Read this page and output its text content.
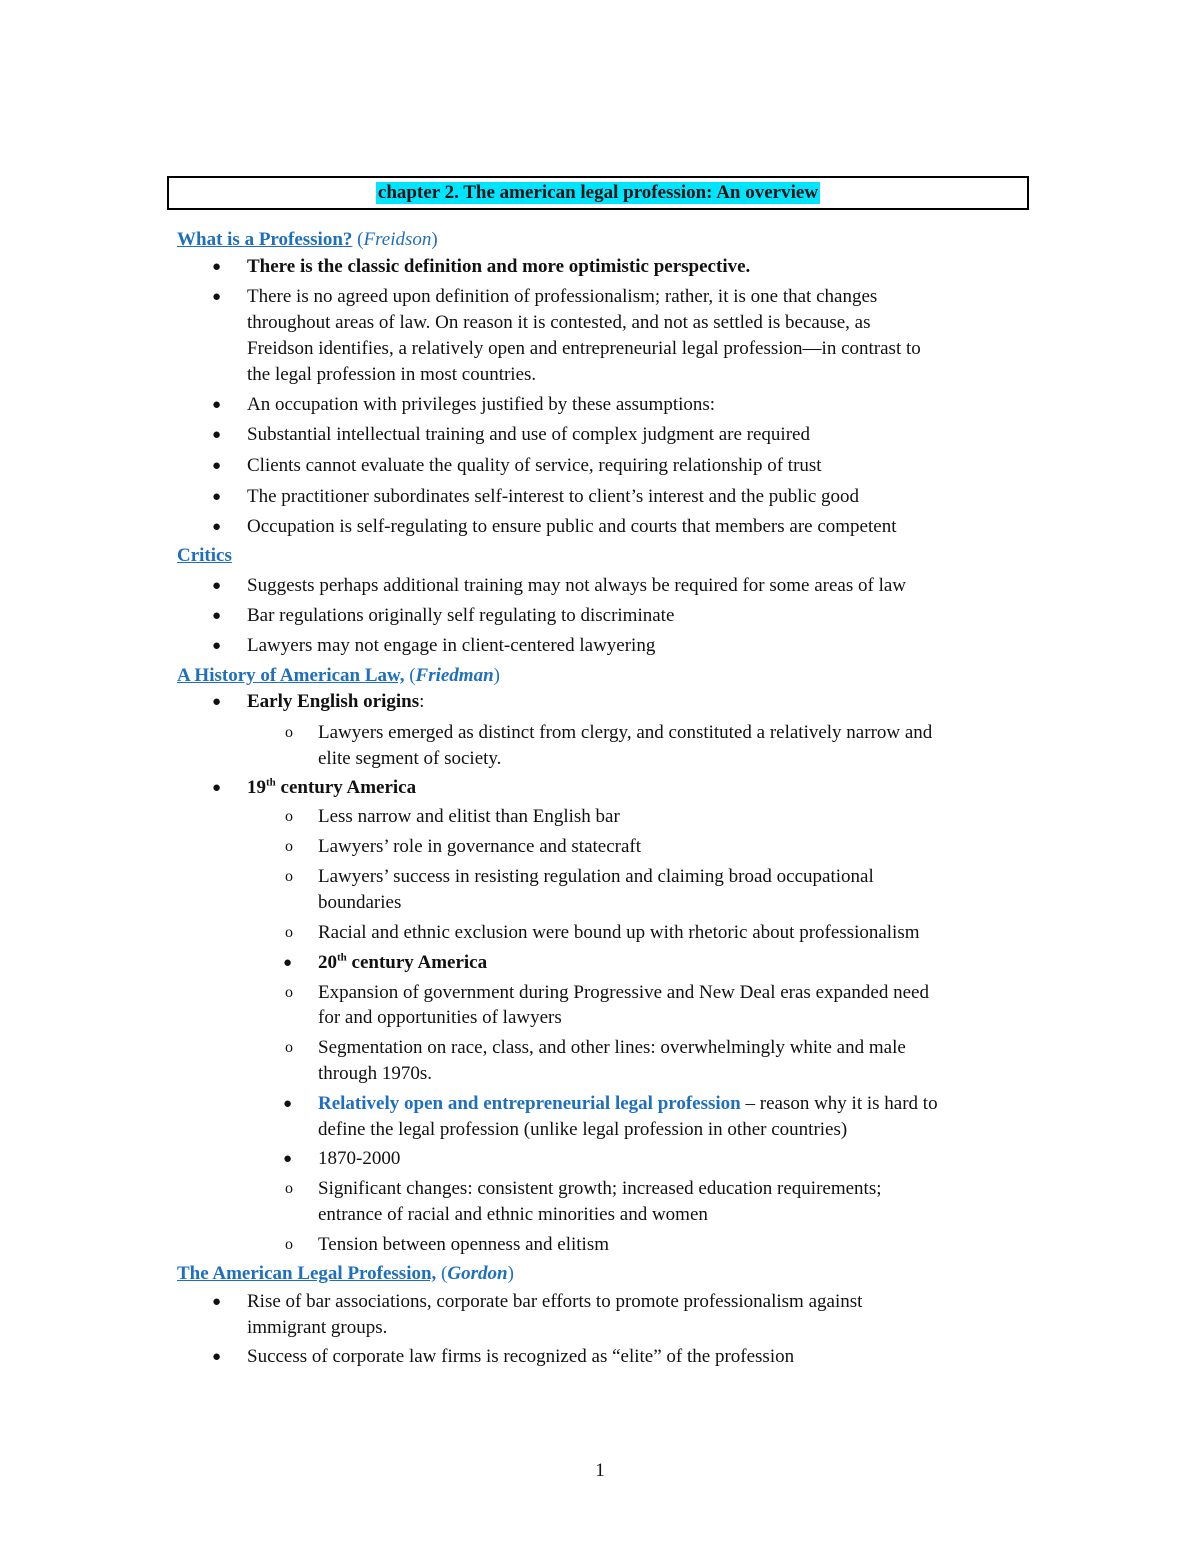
chapter 2. The american legal profession: An overview
What is a Profession? (Freidson)
● There is the classic definition and more optimistic perspective.
● There is no agreed upon definition of professionalism; rather, it is one that changes
throughout areas of law. On reason it is contested, and not as settled is because, as
Freidson identifies, a relatively open and entrepreneurial legal profession—in contrast to
the legal profession in most countries.
● An occupation with privileges justified by these assumptions:
● Substantial intellectual training and use of complex judgment are required
● Clients cannot evaluate the quality of service, requiring relationship of trust
● The practitioner subordinates self-interest to client’s interest and the public good
● Occupation is self-regulating to ensure public and courts that members are competent
Critics
● Suggests perhaps additional training may not always be required for some areas of law
● Bar regulations originally self regulating to discriminate
● Lawyers may not engage in client-centered lawyering
A History of American Law, (Friedman)
● Early English origins:
o Lawyers emerged as distinct from clergy, and constituted a relatively narrow and
elite segment of society.
● 19th century America
o Less narrow and elitist than English bar
o Lawyers’ role in governance and statecraft
o Lawyers’ success in resisting regulation and claiming broad occupational
boundaries
o Racial and ethnic exclusion were bound up with rhetoric about professionalism
● 20th century America
o Expansion of government during Progressive and New Deal eras expanded need
for and opportunities of lawyers
o Segmentation on race, class, and other lines: overwhelmingly white and male
through 1970s.
● Relatively open and entrepreneurial legal profession – reason why it is hard to
define the legal profession (unlike legal profession in other countries)
● 1870-2000
o Significant changes: consistent growth; increased education requirements;
entrance of racial and ethnic minorities and women
o Tension between openness and elitism
The American Legal Profession, (Gordon)
● Rise of bar associations, corporate bar efforts to promote professionalism against
immigrant groups.
● Success of corporate law firms is recognized as “elite” of the profession
1
